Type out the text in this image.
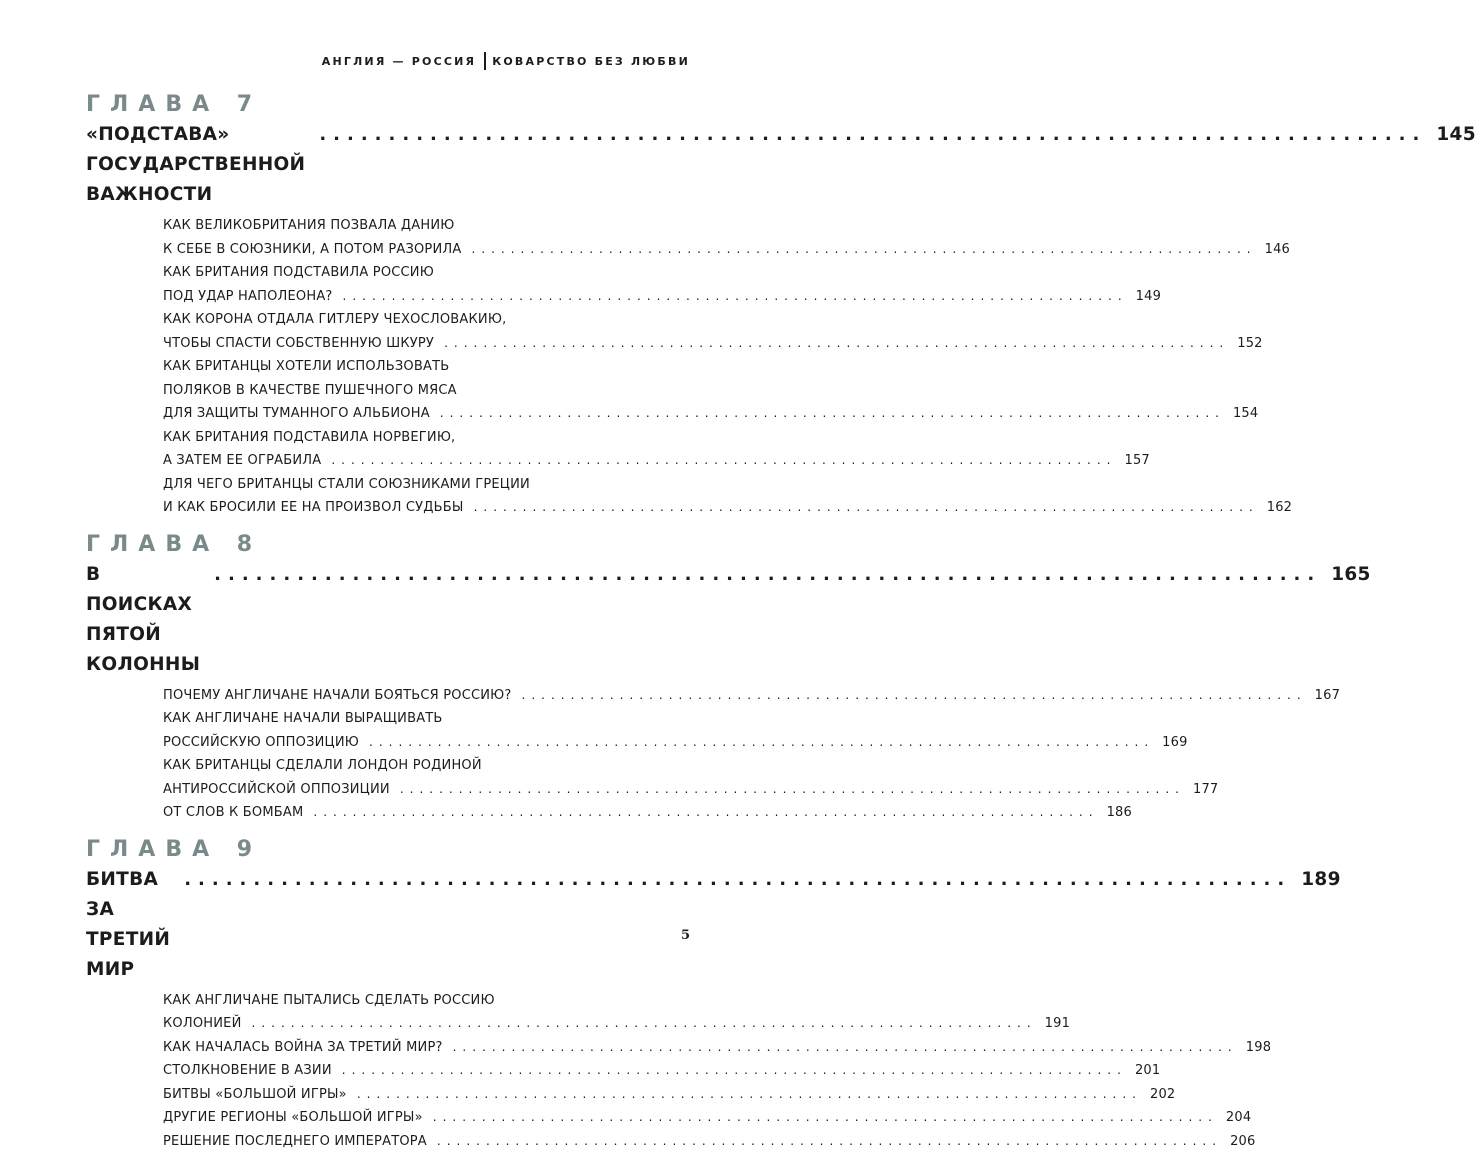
АНГЛИЯ — РОССИЯ КОВАРСТВО БЕЗ ЛЮБВИ
ГЛАВА 7
«ПОДСТАВА» ГОСУДАРСТВЕННОЙ ВАЖНОСТИ
................................................................................ 145
КАК ВЕЛИКОБРИТАНИЯ ПОЗВАЛА ДАНИЮ
К СЕБЕ В СОЮЗНИКИ, А ПОТОМ РАЗОРИЛА ................................................................................ 146
КАК БРИТАНИЯ ПОДСТАВИЛА РОССИЮ
ПОД УДАР НАПОЛЕОНА? ................................................................................ 149
КАК КОРОНА ОТДАЛА ГИТЛЕРУ ЧЕХОСЛОВАКИЮ,
ЧТОБЫ СПАСТИ СОБСТВЕННУЮ ШКУРУ ................................................................................ 152
КАК БРИТАНЦЫ ХОТЕЛИ ИСПОЛЬЗОВАТЬ
ПОЛЯКОВ В КАЧЕСТВЕ ПУШЕЧНОГО МЯСА
ДЛЯ ЗАЩИТЫ ТУМАННОГО АЛЬБИОНА ................................................................................ 154
КАК БРИТАНИЯ ПОДСТАВИЛА НОРВЕГИЮ,
А ЗАТЕМ ЕЕ ОГРАБИЛА ................................................................................ 157
ДЛЯ ЧЕГО БРИТАНЦЫ СТАЛИ СОЮЗНИКАМИ ГРЕЦИИ
И КАК БРОСИЛИ ЕЕ НА ПРОИЗВОЛ СУДЬБЫ ................................................................................ 162
ГЛАВА 8
В ПОИСКАХ ПЯТОЙ КОЛОННЫ
................................................................................ 165
ПОЧЕМУ АНГЛИЧАНЕ НАЧАЛИ БОЯТЬСЯ РОССИЮ? ................................................................................ 167
КАК АНГЛИЧАНЕ НАЧАЛИ ВЫРАЩИВАТЬ
РОССИЙСКУЮ ОППОЗИЦИЮ ................................................................................ 169
КАК БРИТАНЦЫ СДЕЛАЛИ ЛОНДОН РОДИНОЙ
АНТИРОССИЙСКОЙ ОППОЗИЦИИ ................................................................................ 177
ОТ СЛОВ К БОМБАМ ................................................................................ 186
ГЛАВА 9
БИТВА ЗА ТРЕТИЙ МИР
................................................................................ 189
КАК АНГЛИЧАНЕ ПЫТАЛИСЬ СДЕЛАТЬ РОССИЮ
КОЛОНИЕЙ ................................................................................ 191
КАК НАЧАЛАСЬ ВОЙНА ЗА ТРЕТИЙ МИР? ................................................................................ 198
СТОЛКНОВЕНИЕ В АЗИИ ................................................................................ 201
БИТВЫ «БОЛЬШОЙ ИГРЫ» ................................................................................ 202
ДРУГИЕ РЕГИОНЫ «БОЛЬШОЙ ИГРЫ» ................................................................................ 204
РЕШЕНИЕ ПОСЛЕДНЕГО ИМПЕРАТОРА ................................................................................ 206
5
